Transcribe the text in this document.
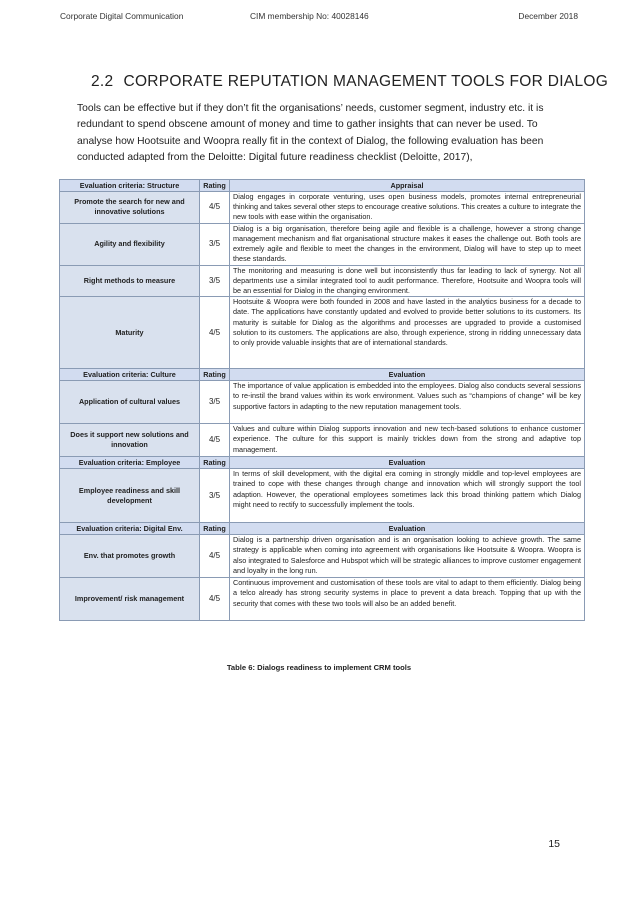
Corporate Digital Communication	CIM membership No: 40028146	December 2018
2.2 CORPORATE REPUTATION MANAGEMENT TOOLS FOR DIALOG

Tools can be effective but if they don’t fit the organisations’ needs, customer segment, industry etc. it is redundant to spend obscene amount of money and time to gather insights that can never be used. To analyse how Hootsuite and Woopra really fit in the context of Dialog, the following evaluation has been conducted adapted from the Deloitte: Digital future readiness checklist (Deloitte, 2017),

Evaluation criteria: Structure	Rating	Appraisal
Promote the search for new and innovative solutions	4/5	Dialog engages in corporate venturing, uses open business models, promotes internal entrepreneurial thinking and takes several other steps to encourage creative solutions. This creates a culture to integrate the new tools with ease within the organisation.
Agility and flexibility	3/5	Dialog is a big organisation, therefore being agile and flexible is a challenge, however a strong change management mechanism and flat organisational structure makes it eases the challenge out. Both tools are extremely agile and flexible to meet the changes in the environment, Dialog will have to step up to meet these standards.
Right methods to measure	3/5	The monitoring and measuring is done well but inconsistently thus far leading to lack of synergy. Not all departments use a similar integrated tool to audit performance. Therefore, Hootsuite and Woopra tools will be an essential for Dialog in the changing environment.
Maturity	4/5	Hootsuite & Woopra were both founded in 2008 and have lasted in the analytics business for a decade to date. The applications have constantly updated and evolved to provide better solutions to its customers. Its maturity is suitable for Dialog as the algorithms and processes are upgraded to provide a customised solution to its customers. The applications are also, through experience, strong in ridding unnecessary data to only provide valuable insights that are of international standards.
Evaluation criteria: Culture	Rating	Evaluation
Application of cultural values	3/5	The importance of value application is embedded into the employees. Dialog also conducts several sessions to re-instil the brand values within its work environment. Values such as “champions of change” will be key supportive factors in adapting to the new reputation management tools.
Does it support new solutions and innovation	4/5	Values and culture within Dialog supports innovation and new tech-based solutions to enhance customer experience. The culture for this support is mainly trickles down from the strong and adaptive top management.
Evaluation criteria: Employee	Rating	Evaluation
Employee readiness and skill development	3/5	In terms of skill development, with the digital era coming in strongly middle and top-level employees are trained to cope with these changes through change and innovation which will strongly support the tool adaption. However, the operational employees sometimes lack this broad thinking pattern which Dialog might need to rectify to successfully implement the tools.
Evaluation criteria: Digital Env.	Rating	Evaluation
Env. that promotes growth	4/5	Dialog is a partnership driven organisation and is an organisation looking to achieve growth. The same strategy is applicable when coming into agreement with organisations like Hootsuite & Woopra. Woopra is also integrated to Salesforce and Hubspot which will be strategic alliances to improve customer engagement and loyalty in the long run.
Improvement/ risk management	4/5	Continuous improvement and customisation of these tools are vital to adapt to them efficiently. Dialog being a telco already has strong security systems in place to prevent a data breach. Topping that up with the security that comes with these two tools will also be an added benefit.
Table 6: Dialogs readiness to implement CRM tools
15
